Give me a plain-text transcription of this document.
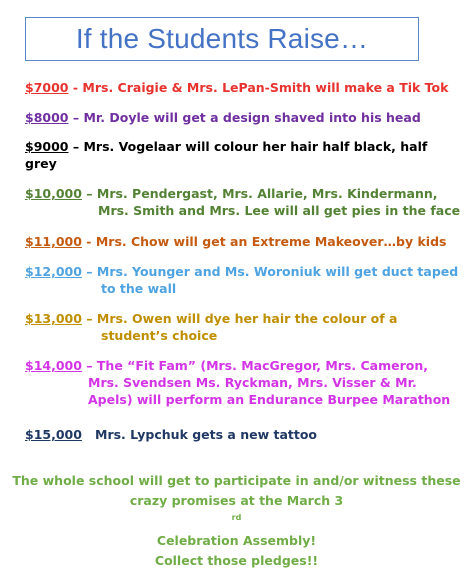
If the Students Raise…
$7000 - Mrs. Craigie & Mrs. LePan-Smith will make a Tik Tok
$8000 – Mr. Doyle will get a design shaved into his head
$9000 – Mrs. Vogelaar will colour her hair half black, half
grey
$10,000 – Mrs. Pendergast, Mrs. Allarie, Mrs. Kindermann,
Mrs. Smith and Mrs. Lee will all get pies in the face
$11,000 - Mrs. Chow will get an Extreme Makeover…by kids
$12,000 – Mrs. Younger and Ms. Woroniuk will get duct taped
to the wall
$13,000 – Mrs. Owen will dye her hair the colour of a
student’s choice
$14,000 – The “Fit Fam” (Mrs. MacGregor, Mrs. Cameron,
Mrs. Svendsen Ms. Ryckman, Mrs. Visser & Mr.
Apels) will perform an Endurance Burpee Marathon
$15,000 Mrs. Lypchuk gets a new tattoo
The whole school will get to participate in and/or witness these
crazy promises at the March 3
$^{rd}$
Celebration Assembly!
Collect those pledges!!
